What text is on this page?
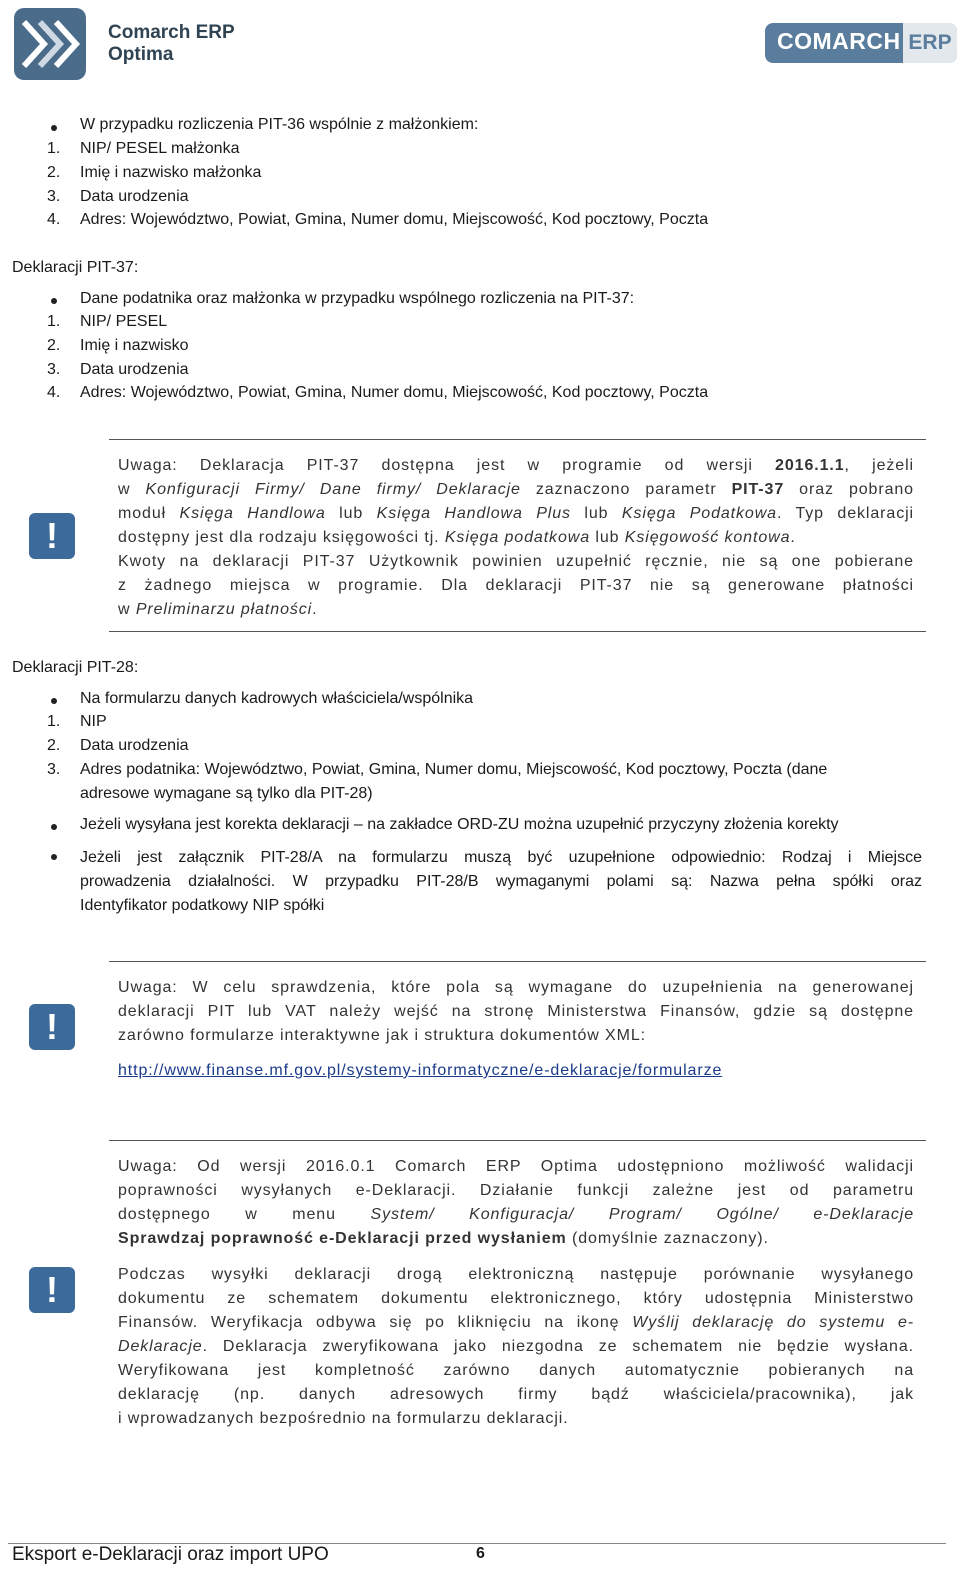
Comarch ERP
Optima
COMARCH ERP
W przypadku rozliczenia PIT-36 wspólnie z małżonkiem:
1. NIP/ PESEL małżonka
2. Imię i nazwisko małżonka
3. Data urodzenia
4. Adres: Województwo, Powiat, Gmina, Numer domu, Miejscowość, Kod pocztowy, Poczta
Deklaracji PIT-37:
Dane podatnika oraz małżonka w przypadku wspólnego rozliczenia na PIT-37:
1. NIP/ PESEL
2. Imię i nazwisko
3. Data urodzenia
4. Adres: Województwo, Powiat, Gmina, Numer domu, Miejscowość, Kod pocztowy, Poczta
!
Uwaga: Deklaracja PIT-37 dostępna jest w programie od wersji 2016.1.1, jeżeli
w Konfiguracji Firmy/ Dane firmy/ Deklaracje zaznaczono parametr PIT-37 oraz pobrano
moduł Księga Handlowa lub Księga Handlowa Plus lub Księga Podatkowa. Typ deklaracji
dostępny jest dla rodzaju księgowości tj. Księga podatkowa lub Księgowość kontowa.
Kwoty na deklaracji PIT-37 Użytkownik powinien uzupełnić ręcznie, nie są one pobierane
z żadnego miejsca w programie. Dla deklaracji PIT-37 nie są generowane płatności
w Preliminarzu płatności.
Deklaracji PIT-28:
Na formularzu danych kadrowych właściciela/wspólnika
1. NIP
2. Data urodzenia
3. Adres podatnika: Województwo, Powiat, Gmina, Numer domu, Miejscowość, Kod pocztowy, Poczta (dane
adresowe wymagane są tylko dla PIT-28)
Jeżeli wysyłana jest korekta deklaracji – na zakładce ORD-ZU można uzupełnić przyczyny złożenia korekty
Jeżeli jest załącznik PIT-28/A na formularzu muszą być uzupełnione odpowiednio: Rodzaj i Miejsce
prowadzenia działalności. W przypadku PIT-28/B wymaganymi polami są: Nazwa pełna spółki oraz
Identyfikator podatkowy NIP spółki
!
Uwaga: W celu sprawdzenia, które pola są wymagane do uzupełnienia na generowanej
deklaracji PIT lub VAT należy wejść na stronę Ministerstwa Finansów, gdzie są dostępne
zarówno formularze interaktywne jak i struktura dokumentów XML:
http://www.finanse.mf.gov.pl/systemy-informatyczne/e-deklaracje/formularze
!
Uwaga: Od wersji 2016.0.1 Comarch ERP Optima udostępniono możliwość walidacji
poprawności wysyłanych e-Deklaracji. Działanie funkcji zależne jest od parametru
dostępnego w menu System/ Konfiguracja/ Program/ Ogólne/ e-Deklaracje
Sprawdzaj poprawność e-Deklaracji przed wysłaniem (domyślnie zaznaczony).
Podczas wysyłki deklaracji drogą elektroniczną następuje porównanie wysyłanego
dokumentu ze schematem dokumentu elektronicznego, który udostępnia Ministerstwo
Finansów. Weryfikacja odbywa się po kliknięciu na ikonę Wyślij deklarację do systemu e-
Deklaracje. Deklaracja zweryfikowana jako niezgodna ze schematem nie będzie wysłana.
Weryfikowana jest kompletność zarówno danych automatycznie pobieranych na
deklarację (np. danych adresowych firmy bądź właściciela/pracownika), jak
i wprowadzanych bezpośrednio na formularzu deklaracji.
Eksport e-Deklaracji oraz import UPO	6
